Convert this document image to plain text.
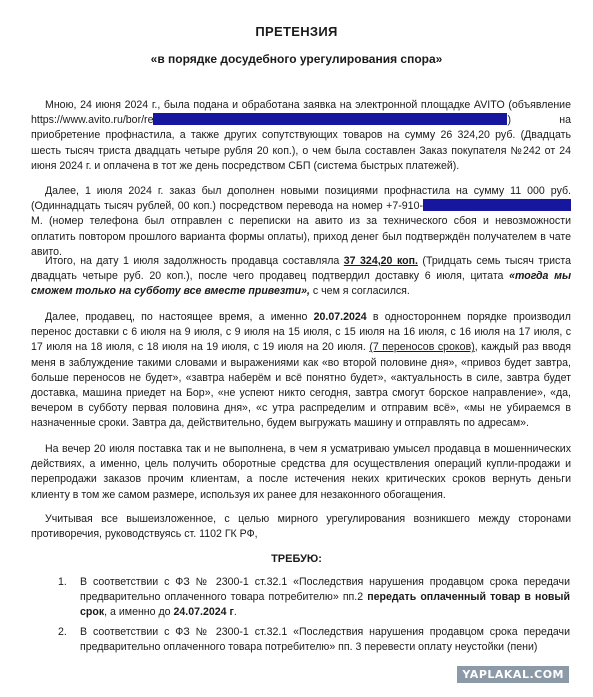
ПРЕТЕНЗИЯ
«в порядке досудебного урегулирования спора»
Мною, 24 июня 2024 г., была подана и обработана заявка на электронной площадке AVITO (объявление https://www.avito.ru/bor/re	) на приобретение профнастила, а также других сопутствующих товаров на сумму 26 324,20 руб. (Двадцать шесть тысяч триста двадцать четыре рубля 20 коп.), о чем была составлен Заказ покупателя №242 от 24 июня 2024 г. и оплачена в тот же день посредством СБП (система быстрых платежей).
Далее, 1 июля 2024 г. заказ был дополнен новыми позициями профнастила на сумму 11 000 руб. (Одиннадцать тысяч рублей, 00 коп.) посредством перевода на номер +7-910- М. (номер телефона был отправлен с переписки на авито из за технического сбоя и невозможности оплатить повтором прошлого варианта формы оплаты), приход денег был подтверждён получателем в чате авито.
Итого, на дату 1 июля задолжность продавца составляла 37 324,20 коп. (Тридцать семь тысяч триста двадцать четыре руб. 20 коп.), после чего продавец подтвердил доставку 6 июля, цитата «тогда мы сможем только на субботу все вместе привезти», с чем я согласился.
Далее, продавец, по настоящее время, а именно 20.07.2024 в одностороннем порядке производил перенос доставки с 6 июля на 9 июля, с 9 июля на 15 июля, с 15 июля на 16 июля, с 16 июля на 17 июля, с 17 июля на 18 июля, с 18 июля на 19 июля, с 19 июля на 20 июля. (7 переносов сроков), каждый раз вводя меня в заблуждение такими словами и выражениями как «во второй половине дня», «привоз будет завтра, больше переносов не будет», «завтра наберём и всё понятно будет», «актуальность в силе, завтра будет доставка, машина приедет на Бор», «не успеют никто сегодня, завтра смогут борское направление», «да, вечером в субботу первая половина дня», «с утра распределим и отправим всё», «мы не убираемся в назначенные сроки. Завтра да, действительно, будем выгружать машину и отправлять по адресам».
На вечер 20 июля поставка так и не выполнена, в чем я усматриваю умысел продавца в мошеннических действиях, а именно, цель получить оборотные средства для осуществления операций купли-продажи и перепродажи заказов прочим клиентам, а после истечения неких критических сроков вернуть деньги клиенту в том же самом размере, используя их ранее для незаконного обогащения.
Учитывая все вышеизложенное, с целью мирного урегулирования возникшего между сторонами противоречия, руководствуясь ст. 1102 ГК РФ,
ТРЕБУЮ:
1. В соответствии с ФЗ № 2300-1 ст.32.1 «Последствия нарушения продавцом срока передачи предварительно оплаченного товара потребителю» пп.2 передать оплаченный товар в новый срок, а именно до 24.07.2024 г.
2. В соответствии с ФЗ № 2300-1 ст.32.1 «Последствия нарушения продавцом срока передачи предварительно оплаченного товара потребителю» пп. 3 перевести оплату неустойки (пени)
YAPLAKAL.COM
